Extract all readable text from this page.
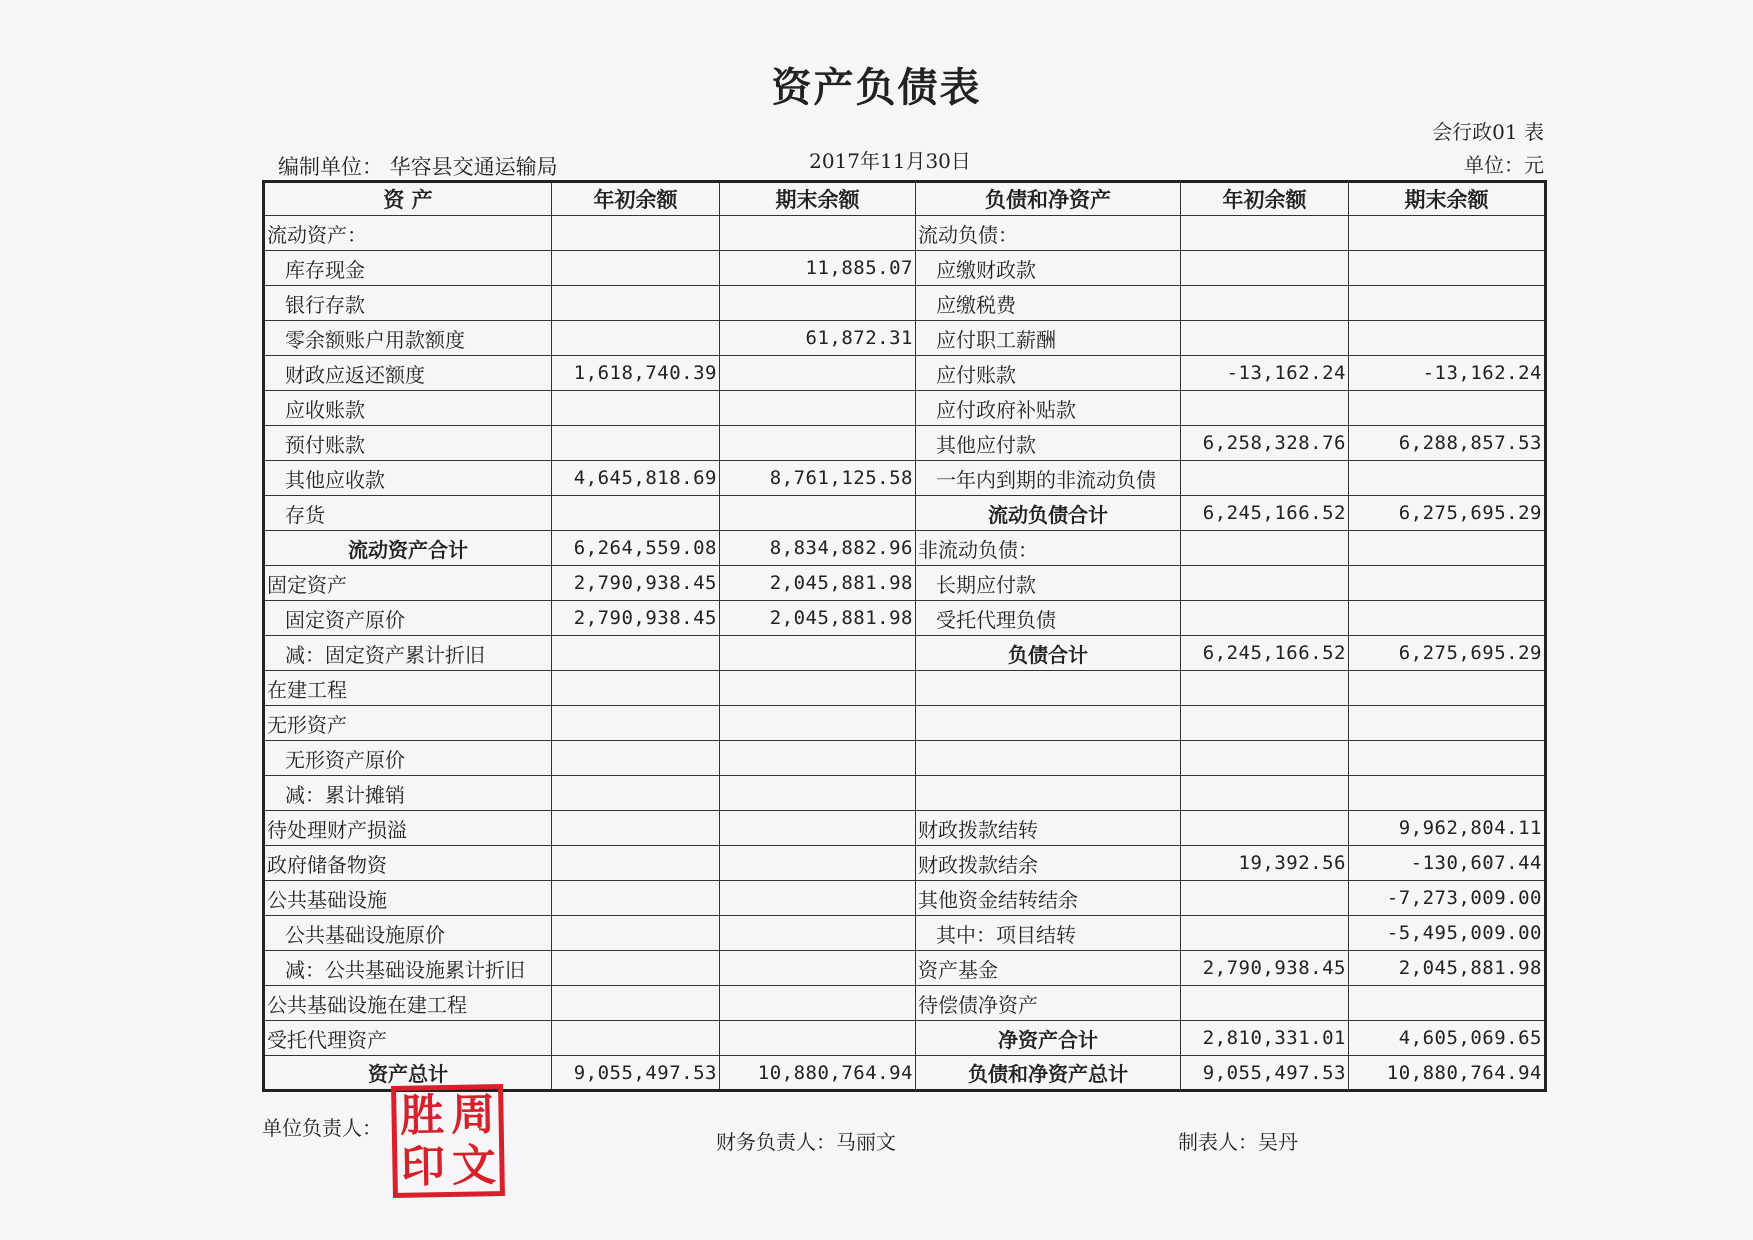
资产负债表
会行政01 表
编制单位： 华容县交通运输局	2017年11月30日	单位：元
资 产	年初余额	期末余额	负债和净资产	年初余额	期末余额
流动资产：			流动负债：		
库存现金		11,885.07	应缴财政款		
银行存款			应缴税费		
零余额账户用款额度		61,872.31	应付职工薪酬		
财政应返还额度	1,618,740.39		应付账款	-13,162.24	-13,162.24
应收账款			应付政府补贴款		
预付账款			其他应付款	6,258,328.76	6,288,857.53
其他应收款	4,645,818.69	8,761,125.58	一年内到期的非流动负债		
存货			流动负债合计	6,245,166.52	6,275,695.29
流动资产合计	6,264,559.08	8,834,882.96	非流动负债：		
固定资产	2,790,938.45	2,045,881.98	长期应付款		
固定资产原价	2,790,938.45	2,045,881.98	受托代理负债		
减：固定资产累计折旧			负债合计	6,245,166.52	6,275,695.29
在建工程					
无形资产					
无形资产原价					
减：累计摊销					
待处理财产损溢			财政拨款结转		9,962,804.11
政府储备物资			财政拨款结余	19,392.56	-130,607.44
公共基础设施			其他资金结转结余		-7,273,009.00
公共基础设施原价			其中：项目结转		-5,495,009.00
减：公共基础设施累计折旧			资产基金	2,790,938.45	2,045,881.98
公共基础设施在建工程			待偿债净资产		
受托代理资产			净资产合计	2,810,331.01	4,605,069.65
资产总计	9,055,497.53	10,880,764.94	负债和净资产总计	9,055,497.53	10,880,764.94
单位负责人：
财务负责人：马丽文	制表人：吴丹
胜 周
印 文
